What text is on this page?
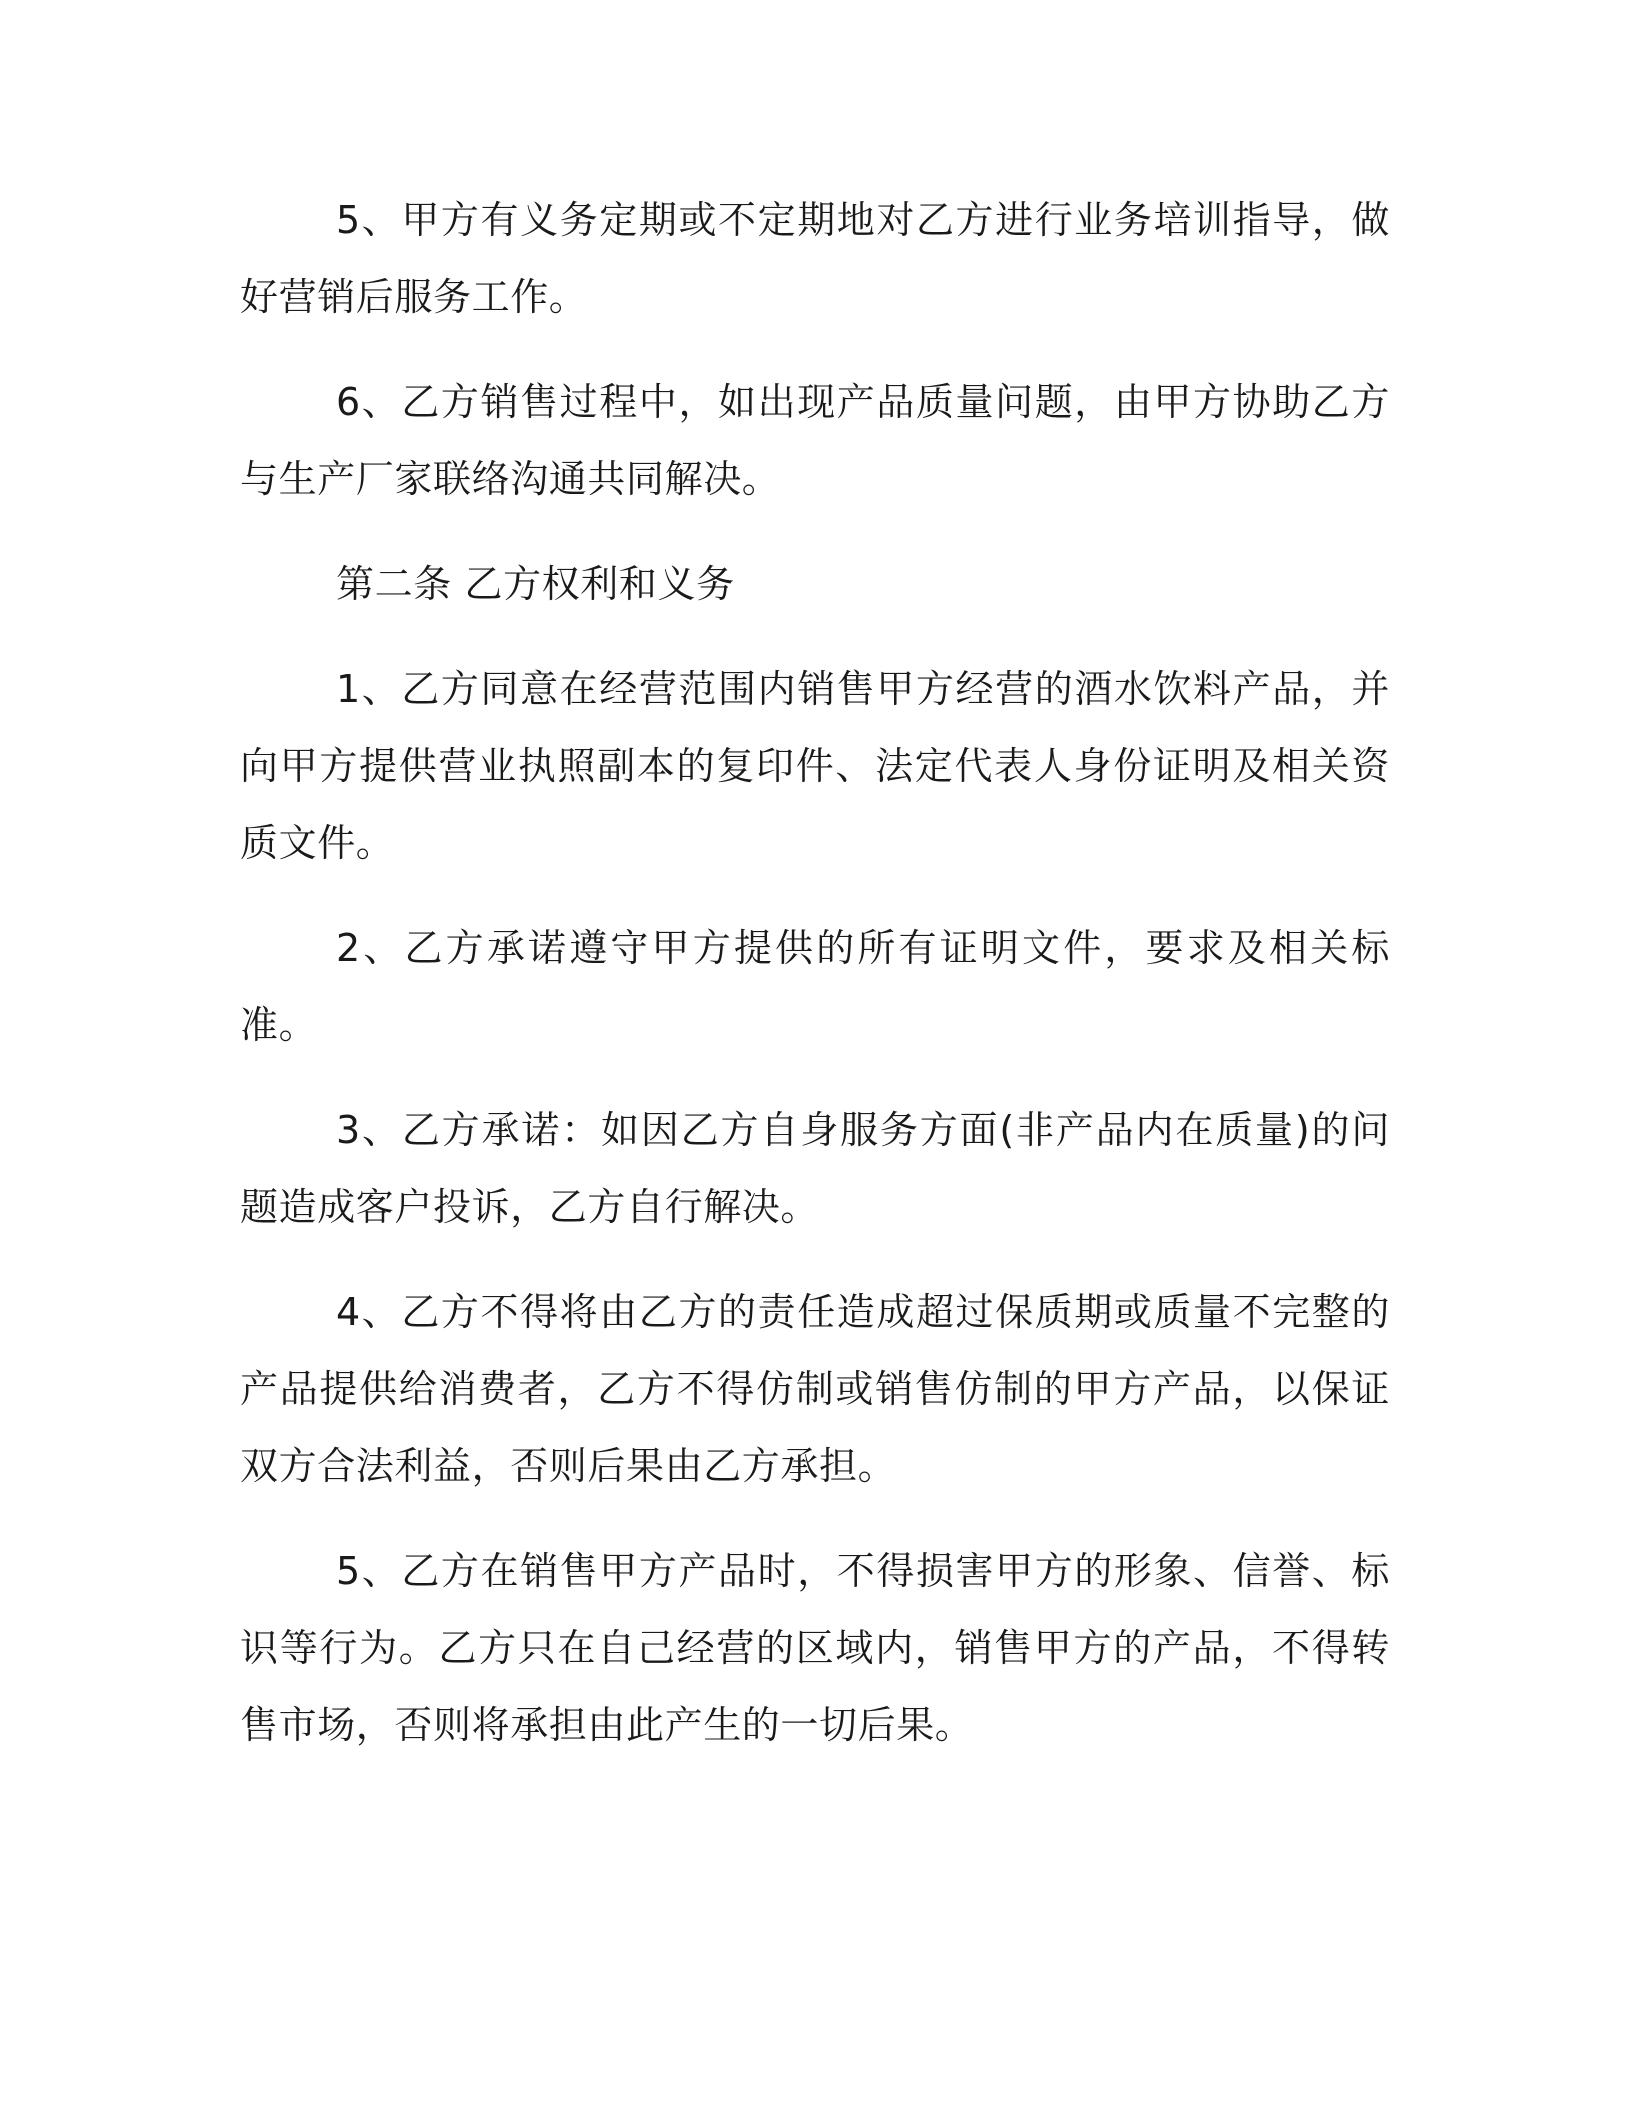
5、甲方有义务定期或不定期地对乙方进行业务培训指导，做好营销后服务工作。

6、乙方销售过程中，如出现产品质量问题，由甲方协助乙方与生产厂家联络沟通共同解决。

第二条 乙方权利和义务

1、乙方同意在经营范围内销售甲方经营的酒水饮料产品，并向甲方提供营业执照副本的复印件、法定代表人身份证明及相关资质文件。

2、乙方承诺遵守甲方提供的所有证明文件，要求及相关标准。

3、乙方承诺：如因乙方自身服务方面(非产品内在质量)的问题造成客户投诉，乙方自行解决。

4、乙方不得将由乙方的责任造成超过保质期或质量不完整的产品提供给消费者，乙方不得仿制或销售仿制的甲方产品，以保证双方合法利益，否则后果由乙方承担。

5、乙方在销售甲方产品时，不得损害甲方的形象、信誉、标识等行为。乙方只在自己经营的区域内，销售甲方的产品，不得转售市场，否则将承担由此产生的一切后果。
